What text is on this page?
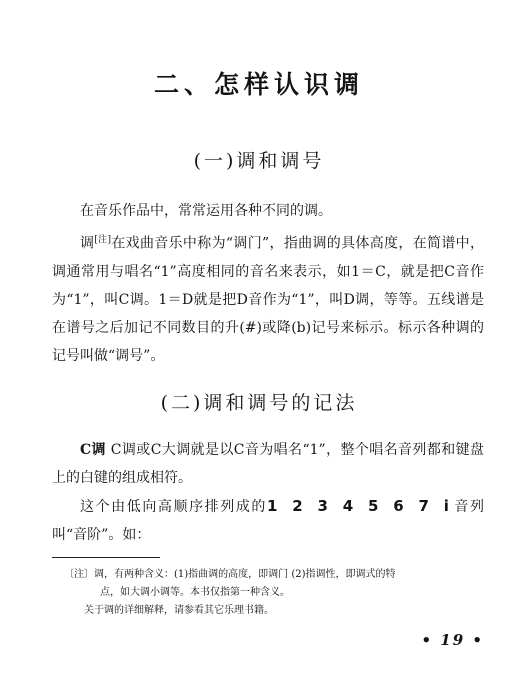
二、怎样认识调
(一)调和调号

在音乐作品中，常常运用各种不同的调。

调[注]在戏曲音乐中称为“调门”，指曲调的具体高度，在简谱中，调通常用与唱名“1”高度相同的音名来表示，如1＝C，就是把C音作为“1”，叫C调。1＝D就是把D音作为“1”，叫D调，等等。五线谱是在谱号之后加记不同数目的升(#)或降(b)记号来标示。标示各种调的记号叫做“调号”。

(二)调和调号的记法

C调 C调或C大调就是以C音为唱名“1”，整个唱名音列都和键盘上的白键的组成相符。

这个由低向高顺序排列成的1 2 3 4 5 6 7 i音列叫“音阶”。如：

〔注〕调，有两种含义：(1)指曲调的高度，即调门 (2)指调性，即调式的特

点，如大调小调等。本书仅指第一种含义。

关于调的详细解释，请参看其它乐理书籍。

• 19 •
